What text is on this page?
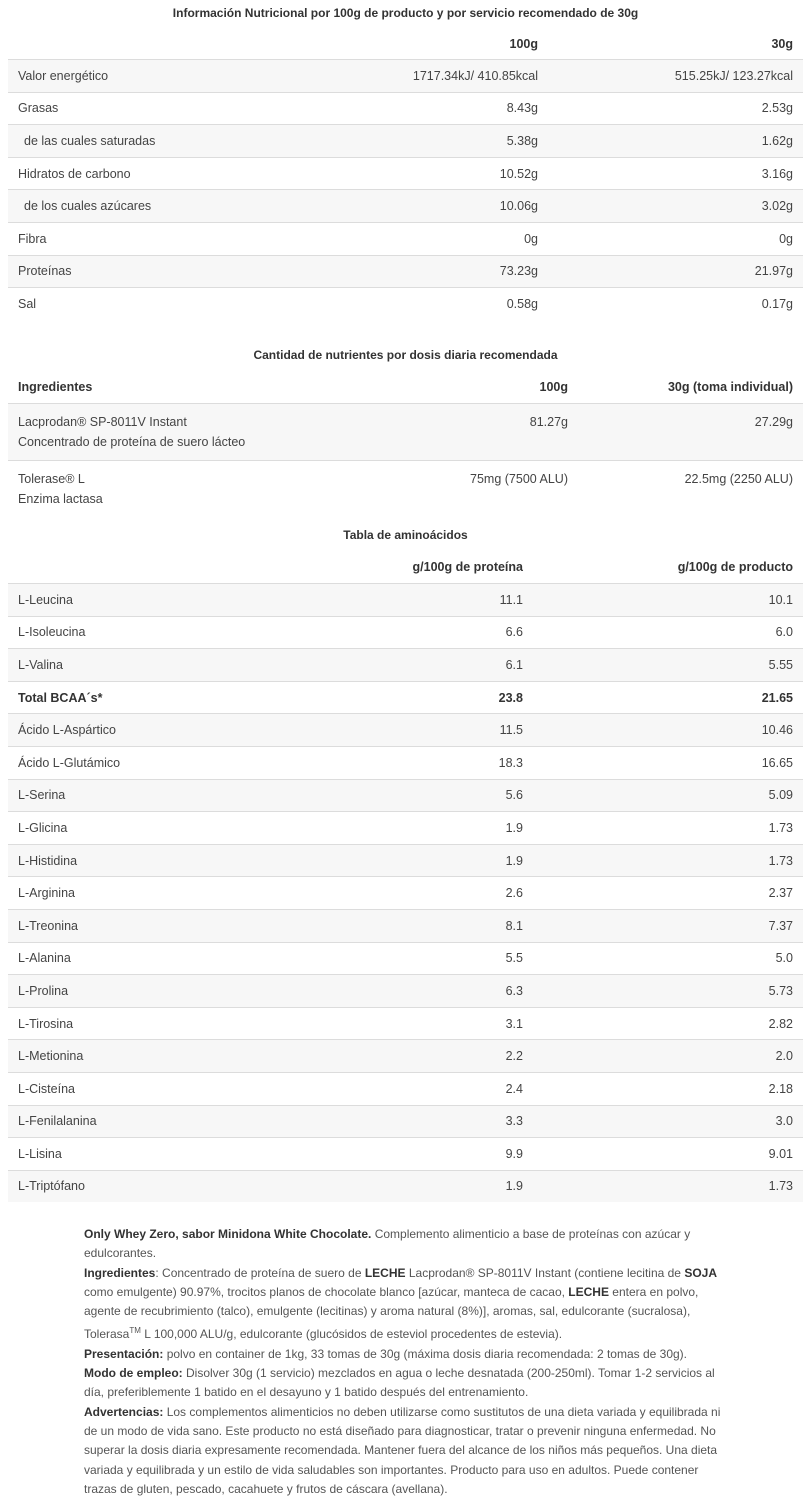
Información Nutricional por 100g de producto y por servicio recomendado de 30g
	100g	30g
Valor energético	1717.34kJ/ 410.85kcal	515.25kJ/ 123.27kcal
Grasas	8.43g	2.53g
de las cuales saturadas	5.38g	1.62g
Hidratos de carbono	10.52g	3.16g
de los cuales azúcares	10.06g	3.02g
Fibra	0g	0g
Proteínas	73.23g	21.97g
Sal	0.58g	0.17g
Cantidad de nutrientes por dosis diaria recomendada
Ingredientes	100g	30g (toma individual)

Lacprodan® SP-8011V Instant
Concentrado de proteína de suero lácteo	81.27g	27.29g

Tolerase® L
Enzima lactasa	75mg (7500 ALU)	22.5mg (2250 ALU)
Tabla de aminoácidos
	g/100g de proteína	g/100g de producto
L-Leucina	11.1	10.1
L-Isoleucina	6.6	6.0
L-Valina	6.1	5.55
Total BCAA´s*	23.8	21.65
Ácido L-Aspártico	11.5	10.46
Ácido L-Glutámico	18.3	16.65
L-Serina	5.6	5.09
L-Glicina	1.9	1.73
L-Histidina	1.9	1.73
L-Arginina	2.6	2.37
L-Treonina	8.1	7.37
L-Alanina	5.5	5.0
L-Prolina	6.3	5.73
L-Tirosina	3.1	2.82
L-Metionina	2.2	2.0
L-Cisteína	2.4	2.18
L-Fenilalanina	3.3	3.0
L-Lisina	9.9	9.01
L-Triptófano	1.9	1.73

Only Whey Zero, sabor Minidona White Chocolate. Complemento alimenticio a base de proteínas con azúcar y edulcorantes.

Ingredientes: Concentrado de proteína de suero de LECHE Lacprodan® SP-8011V Instant (contiene lecitina de SOJA como emulgente) 90.97%, trocitos planos de chocolate blanco [azúcar, manteca de cacao, LECHE entera en polvo, agente de recubrimiento (talco), emulgente (lecitinas) y aroma natural (8%)], aromas, sal, edulcorante (sucralosa), Tolerasa™ L 100,000 ALU/g, edulcorante (glucósidos de esteviol procedentes de estevia).

Presentación: polvo en container de 1kg, 33 tomas de 30g (máxima dosis diaria recomendada: 2 tomas de 30g).

Modo de empleo: Disolver 30g (1 servicio) mezclados en agua o leche desnatada (200-250ml). Tomar 1-2 servicios al día, preferiblemente 1 batido en el desayuno y 1 batido después del entrenamiento.

Advertencias: Los complementos alimenticios no deben utilizarse como sustitutos de una dieta variada y equilibrada ni de un modo de vida sano. Este producto no está diseñado para diagnosticar, tratar o prevenir ninguna enfermedad. No superar la dosis diaria expresamente recomendada. Mantener fuera del alcance de los niños más pequeños. Una dieta variada y equilibrada y un estilo de vida saludables son importantes. Producto para uso en adultos. Puede contener trazas de gluten, pescado, cacahuete y frutos de cáscara (avellana).
